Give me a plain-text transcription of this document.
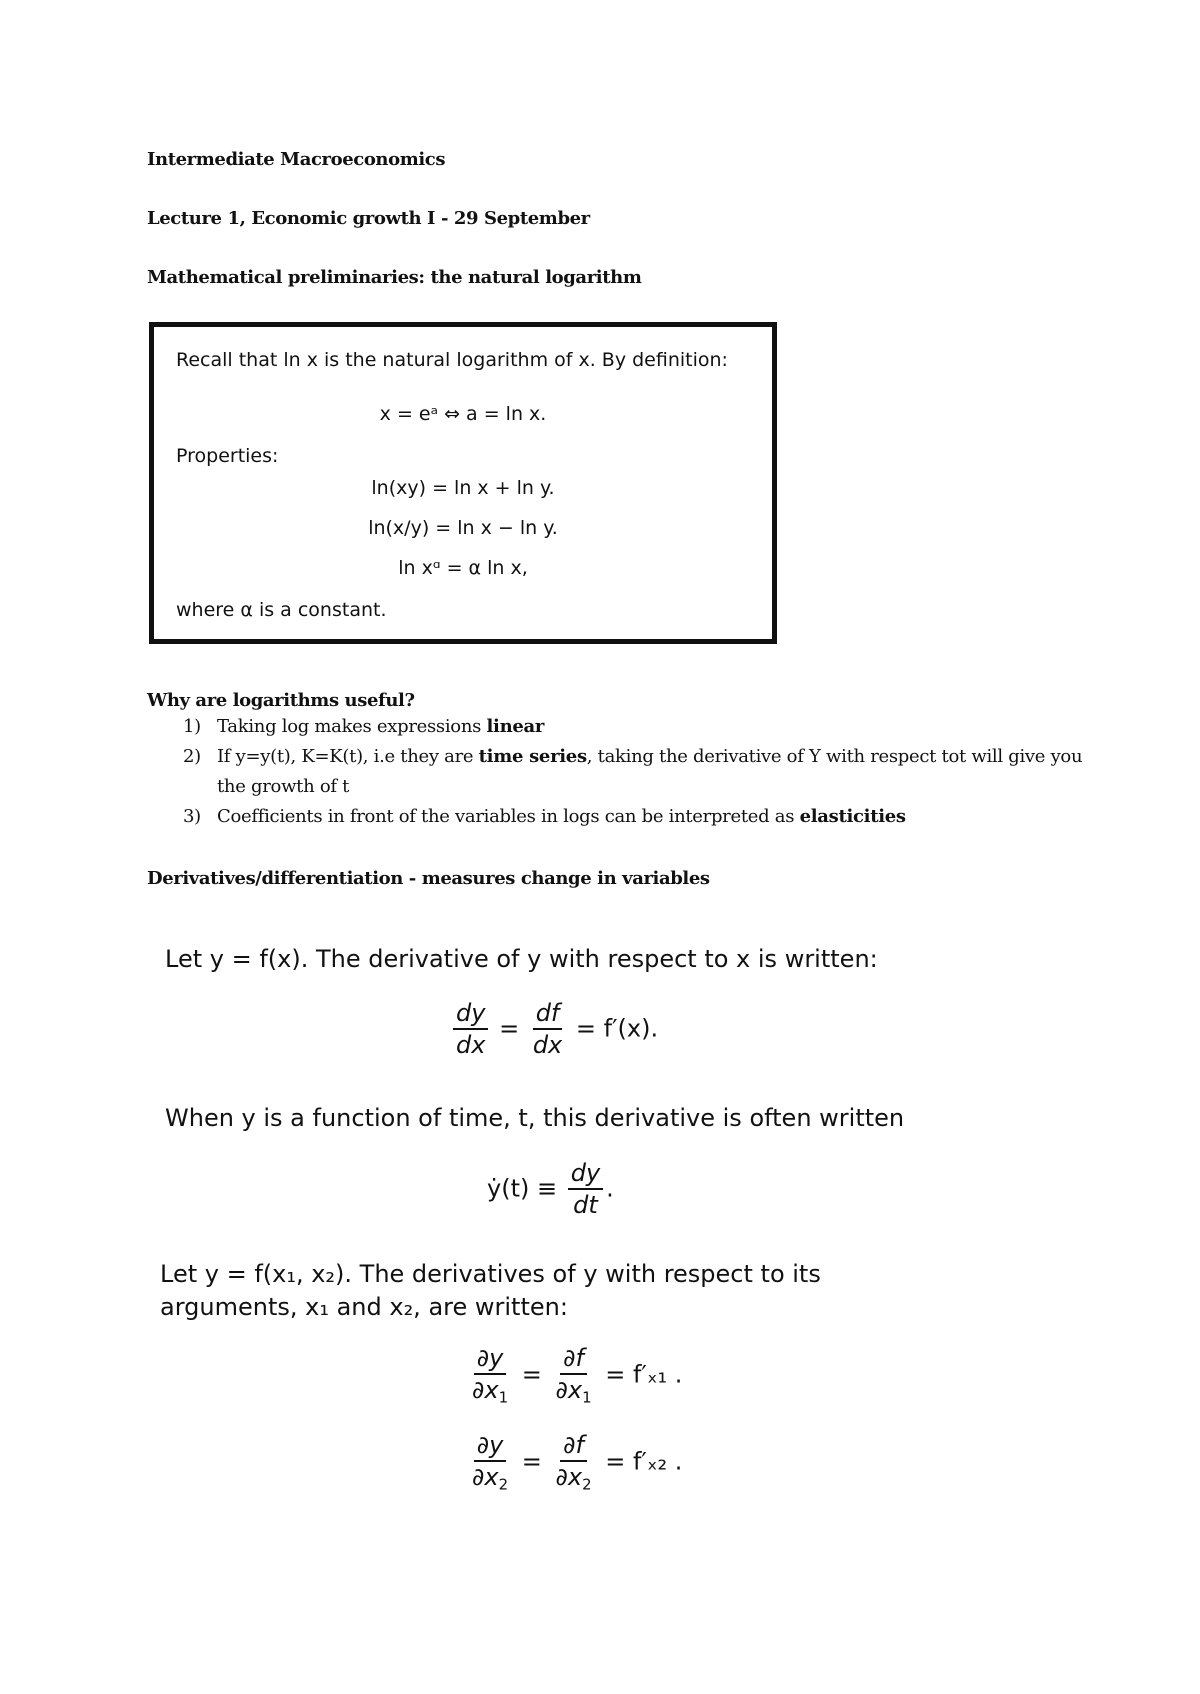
Intermediate Macroeconomics
Lecture 1, Economic growth I - 29 September
Mathematical preliminaries: the natural logarithm
Recall that ln x is the natural logarithm of x. By definition:
x = eᵃ ⇔ a = ln x.
Properties:
ln(xy) = ln x + ln y.
ln(x/y) = ln x − ln y.
ln xᵅ = α ln x,
where α is a constant.
Why are logarithms useful?
1) Taking log makes expressions linear
2) If y=y(t), K=K(t), i.e they are time series, taking the derivative of Y with respect tot will give you the growth of t
3) Coefficients in front of the variables in logs can be interpreted as elasticities
Derivatives/differentiation - measures change in variables
Let y = f(x). The derivative of y with respect to x is written:
$\frac{dy}{dx} = \frac{df}{dx} = f'(x)$.
When y is a function of time, t, this derivative is often written
ẏ(t) ≡ $\frac{dy}{dt}$ .
Let y = f(x₁, x₂). The derivatives of y with respect to its
arguments, x₁ and x₂, are written:
$\frac{\partial y}{\partial x_1} = \frac{\partial f}{\partial x_1} = f'_{x1}$ .
$\frac{\partial y}{\partial x_2} = \frac{\partial f}{\partial x_2} = f'_{x2}$ .
